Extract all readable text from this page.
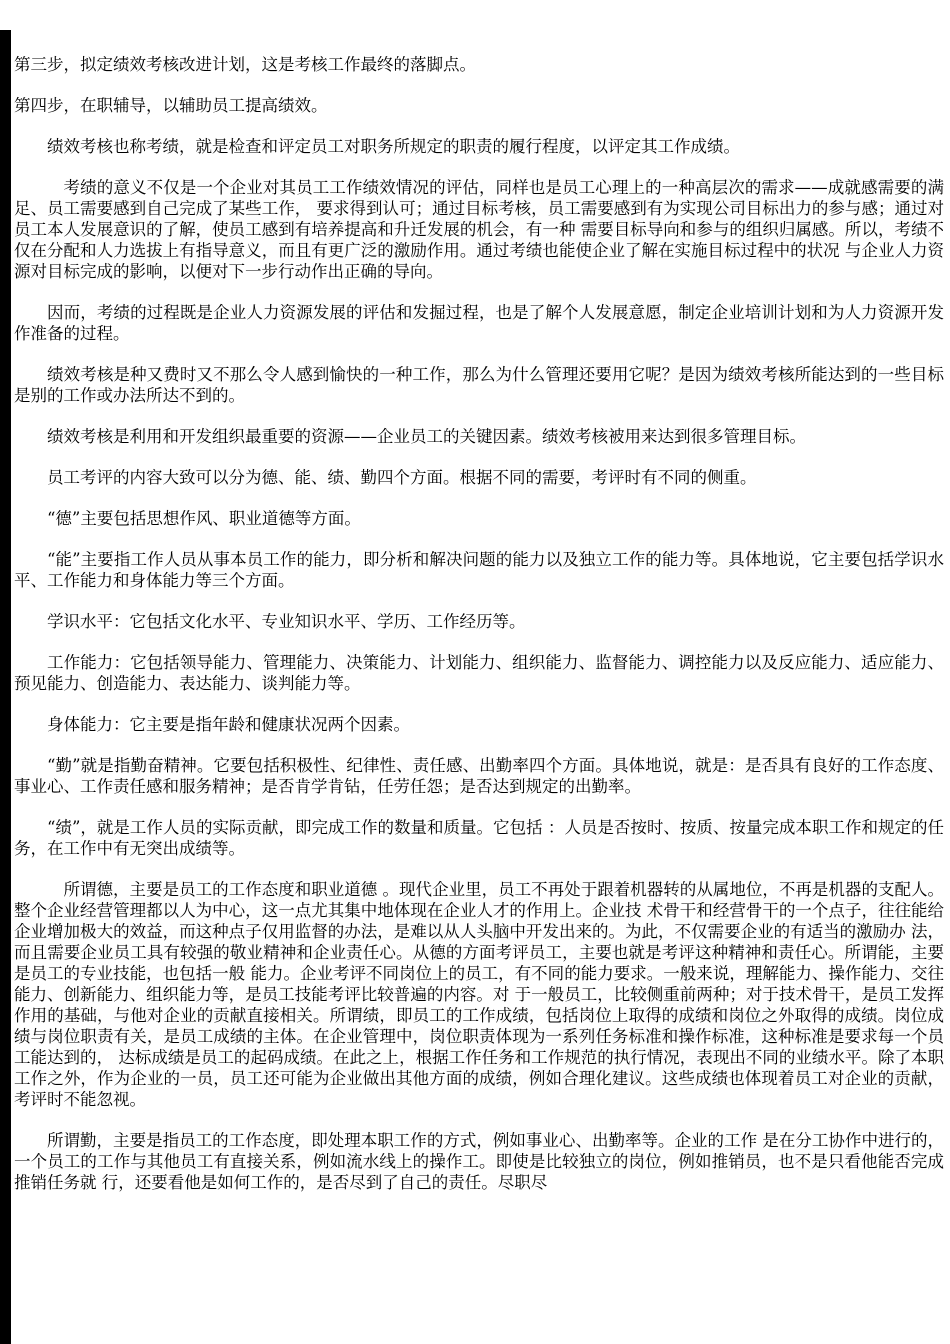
第三步，拟定绩效考核改进计划，这是考核工作最终的落脚点。

第四步，在职辅导，以辅助员工提高绩效。

绩效考核也称考绩，就是检查和评定员工对职务所规定的职责的履行程度，以评定其工作成绩。

考绩的意义不仅是一个企业对其员工工作绩效情况的评估，同样也是员工心理上的一种高层次的需求——成就感需要的满足、员工需要感到自己完成了某些工作， 要求得到认可；通过目标考核，员工需要感到有为实现公司目标出力的参与感；通过对员工本人发展意识的了解，使员工感到有培养提高和升迁发展的机会，有一种 需要目标导向和参与的组织归属感。所以，考绩不仅在分配和人力选拔上有指导意义，而且有更广泛的激励作用。通过考绩也能使企业了解在实施目标过程中的状况 与企业人力资源对目标完成的影响，以便对下一步行动作出正确的导向。

因而，考绩的过程既是企业人力资源发展的评估和发掘过程，也是了解个人发展意愿，制定企业培训计划和为人力资源开发作准备的过程。

绩效考核是种又费时又不那么令人感到愉快的一种工作，那么为什么管理还要用它呢？是因为绩效考核所能达到的一些目标是别的工作或办法所达不到的。

绩效考核是利用和开发组织最重要的资源——企业员工的关键因素。绩效考核被用来达到很多管理目标。

员工考评的内容大致可以分为德、能、绩、勤四个方面。根据不同的需要，考评时有不同的侧重。

“德”主要包括思想作风、职业道德等方面。

“能”主要指工作人员从事本员工作的能力，即分析和解决问题的能力以及独立工作的能力等。具体地说，它主要包括学识水平、工作能力和身体能力等三个方面。

学识水平：它包括文化水平、专业知识水平、学历、工作经历等。

工作能力：它包括领导能力、管理能力、决策能力、计划能力、组织能力、监督能力、调控能力以及反应能力、适应能力、预见能力、创造能力、表达能力、谈判能力等。

身体能力：它主要是指年龄和健康状况两个因素。

“勤”就是指勤奋精神。它要包括积极性、纪律性、责任感、出勤率四个方面。具体地说，就是：是否具有良好的工作态度、事业心、工作责任感和服务精神；是否肯学肯钻，任劳任怨；是否达到规定的出勤率。

“绩”，就是工作人员的实际贡献，即完成工作的数量和质量。它包括 ：人员是否按时、按质、按量完成本职工作和规定的任务，在工作中有无突出成绩等。

所谓德，主要是员工的工作态度和职业道德 。现代企业里，员工不再处于跟着机器转的从属地位，不再是机器的支配人。整个企业经营管理都以人为中心，这一点尤其集中地体现在企业人才的作用上。企业技 术骨干和经营骨干的一个点子，往往能给企业增加极大的效益，而这种点子仅用监督的办法，是难以从人头脑中开发出来的。为此，不仅需要企业的有适当的激励办 法，而且需要企业员工具有较强的敬业精神和企业责任心。从德的方面考评员工，主要也就是考评这种精神和责任心。所谓能，主要是员工的专业技能，也包括一般 能力。企业考评不同岗位上的员工，有不同的能力要求。一般来说，理解能力、操作能力、交往能力、创新能力、组织能力等，是员工技能考评比较普遍的内容。对 于一般员工，比较侧重前两种；对于技术骨干，是员工发挥作用的基础，与他对企业的贡献直接相关。所谓绩，即员工的工作成绩，包括岗位上取得的成绩和岗位之外取得的成绩。岗位成绩与岗位职责有关，是员工成绩的主体。在企业管理中，岗位职责体现为一系列任务标准和操作标准，这种标准是要求每一个员工能达到的， 达标成绩是员工的起码成绩。在此之上，根据工作任务和工作规范的执行情况，表现出不同的业绩水平。除了本职工作之外，作为企业的一员，员工还可能为企业做出其他方面的成绩，例如合理化建议。这些成绩也体现着员工对企业的贡献，考评时不能忽视。

所谓勤，主要是指员工的工作态度，即处理本职工作的方式，例如事业心、出勤率等。企业的工作 是在分工协作中进行的，一个员工的工作与其他员工有直接关系，例如流水线上的操作工。即使是比较独立的岗位，例如推销员，也不是只看他能否完成推销任务就 行，还要看他是如何工作的，是否尽到了自己的责任。尽职尽
